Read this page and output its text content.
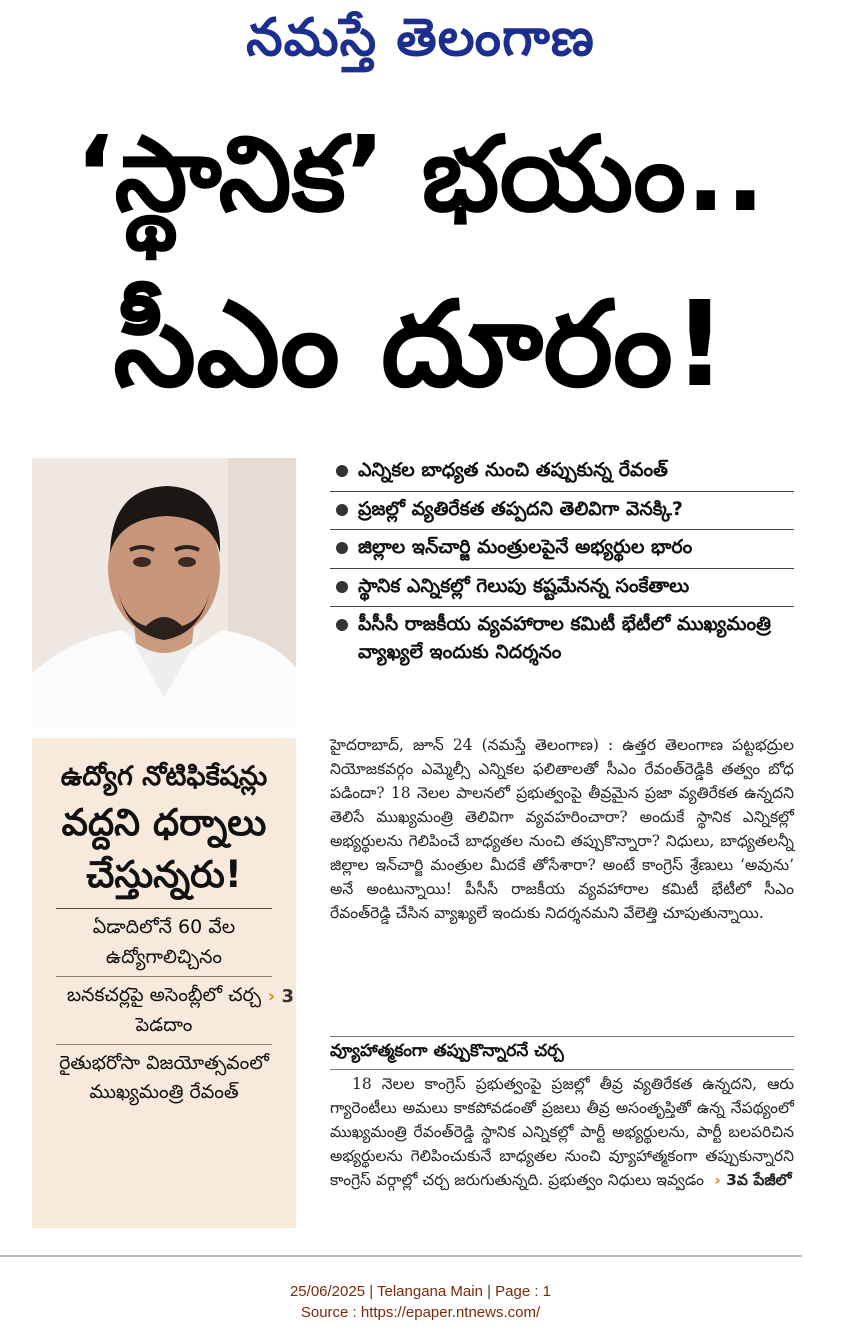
నమస్తే తెలంగాణ
‘స్థానిక’ భయం..
సీఎం దూరం!
ఎన్నికల బాధ్యత నుంచి తప్పుకున్న రేవంత్
ప్రజల్లో వ్యతిరేకత తప్పదని తెలివిగా వెనక్కి?
జిల్లాల ఇన్‌చార్జి మంత్రులపైనే అభ్యర్థుల భారం
స్థానిక ఎన్నికల్లో గెలుపు కష్టమేనన్న సంకేతాలు
పీసీసీ రాజకీయ వ్యవహారాల కమిటీ భేటీలో ముఖ్యమంత్రి వ్యాఖ్యలే ఇందుకు నిదర్శనం
ఉద్యోగ నోటిఫికేషన్లు
వద్దని ధర్నాలు
చేస్తున్నరు!
ఏడాదిలోనే 60 వేల ఉద్యోగాలిచ్చినం
బనకచర్లపై అసెంబ్లీలో చర్చ పెడదాం
› 3
రైతుభరోసా విజయోత్సవంలో ముఖ్యమంత్రి రేవంత్
హైదరాబాద్, జూన్ 24 (నమస్తే తెలంగాణ) : ఉత్తర తెలంగాణ పట్టభద్రుల నియోజకవర్గం ఎమ్మెల్సీ ఎన్నికల ఫలితాలతో సీఎం రేవంత్‌రెడ్డికి తత్వం బోధ పడిందా? 18 నెలల పాలనలో ప్రభుత్వంపై తీవ్రమైన ప్రజా వ్యతిరేకత ఉన్నదని తెలిసే ముఖ్యమంత్రి తెలివిగా వ్యవహరించారా? అందుకే స్థానిక ఎన్నికల్లో అభ్యర్థులను గెలిపించే బాధ్యతల నుంచి తప్పుకొన్నారా? నిధులు, బాధ్యతలన్నీ జిల్లాల ఇన్‌చార్జి మంత్రుల మీదకే తోసేశారా? అంటే కాంగ్రెస్ శ్రేణులు ‘అవును’ అనే అంటున్నాయి! పీసీసీ రాజకీయ వ్యవహారాల కమిటీ భేటీలో సీఎం రేవంత్‌రెడ్డి చేసిన వ్యాఖ్యలే ఇందుకు నిదర్శనమని వేలెత్తి చూపుతున్నాయి.
వ్యూహాత్మకంగా తప్పుకొన్నారనే చర్చ
18 నెలల కాంగ్రెస్ ప్రభుత్వంపై ప్రజల్లో తీవ్ర వ్యతిరేకత ఉన్నదని, ఆరు గ్యారెంటీలు అమలు కాకపోవడంతో ప్రజలు తీవ్ర అసంతృప్తితో ఉన్న నేపథ్యంలో ముఖ్యమంత్రి రేవంత్‌రెడ్డి స్థానిక ఎన్నికల్లో పార్టీ అభ్యర్థులను, పార్టీ బలపరిచిన అభ్యర్థులను గెలిపించుకునే బాధ్యతల నుంచి వ్యూహాత్మకంగా తప్పుకున్నారని కాంగ్రెస్ వర్గాల్లో చర్చ జరుగుతున్నది. ప్రభుత్వం నిధులు ఇవ్వడం  › 3వ పేజీలో
25/06/2025 | Telangana Main | Page : 1
Source : https://epaper.ntnews.com/
